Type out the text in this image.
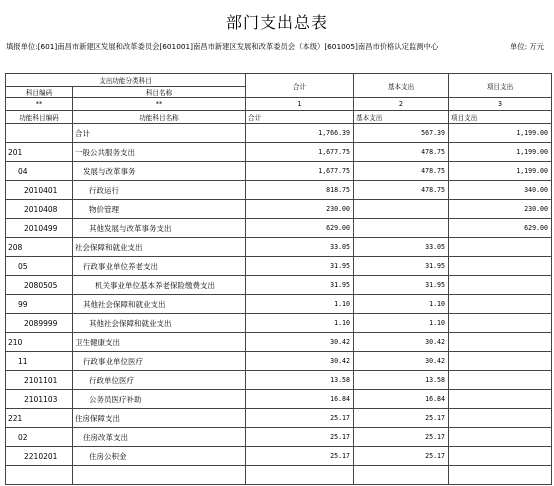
部门支出总表
填报单位:[601]南昌市新建区发展和改革委员会[601001]南昌市新建区发展和改革委员会（本级）[601005]南昌市价格认定监测中心	单位: 万元
支出功能分类科目		合计	基本支出	项目支出
科目编码	科目名称			
**	**	1	2	3
功能科目编码	功能科目名称	合计	基本支出	项目支出
	合计	1,766.39	567.39	1,199.00
201	一般公共服务支出	1,677.75	478.75	1,199.00
04	发展与改革事务	1,677.75	478.75	1,199.00
2010401	行政运行	818.75	478.75	340.00
2010408	物价管理	230.00		230.00
2010499	其他发展与改革事务支出	629.00		629.00
208	社会保障和就业支出	33.05	33.05	
05	行政事业单位养老支出	31.95	31.95	
2080505	机关事业单位基本养老保险缴费支出	31.95	31.95	
99	其他社会保障和就业支出	1.10	1.10	
2089999	其他社会保障和就业支出	1.10	1.10	
210	卫生健康支出	30.42	30.42	
11	行政事业单位医疗	30.42	30.42	
2101101	行政单位医疗	13.58	13.58	
2101103	公务员医疗补助	16.84	16.84	
221	住房保障支出	25.17	25.17	
02	住房改革支出	25.17	25.17	
2210201	住房公积金	25.17	25.17	
